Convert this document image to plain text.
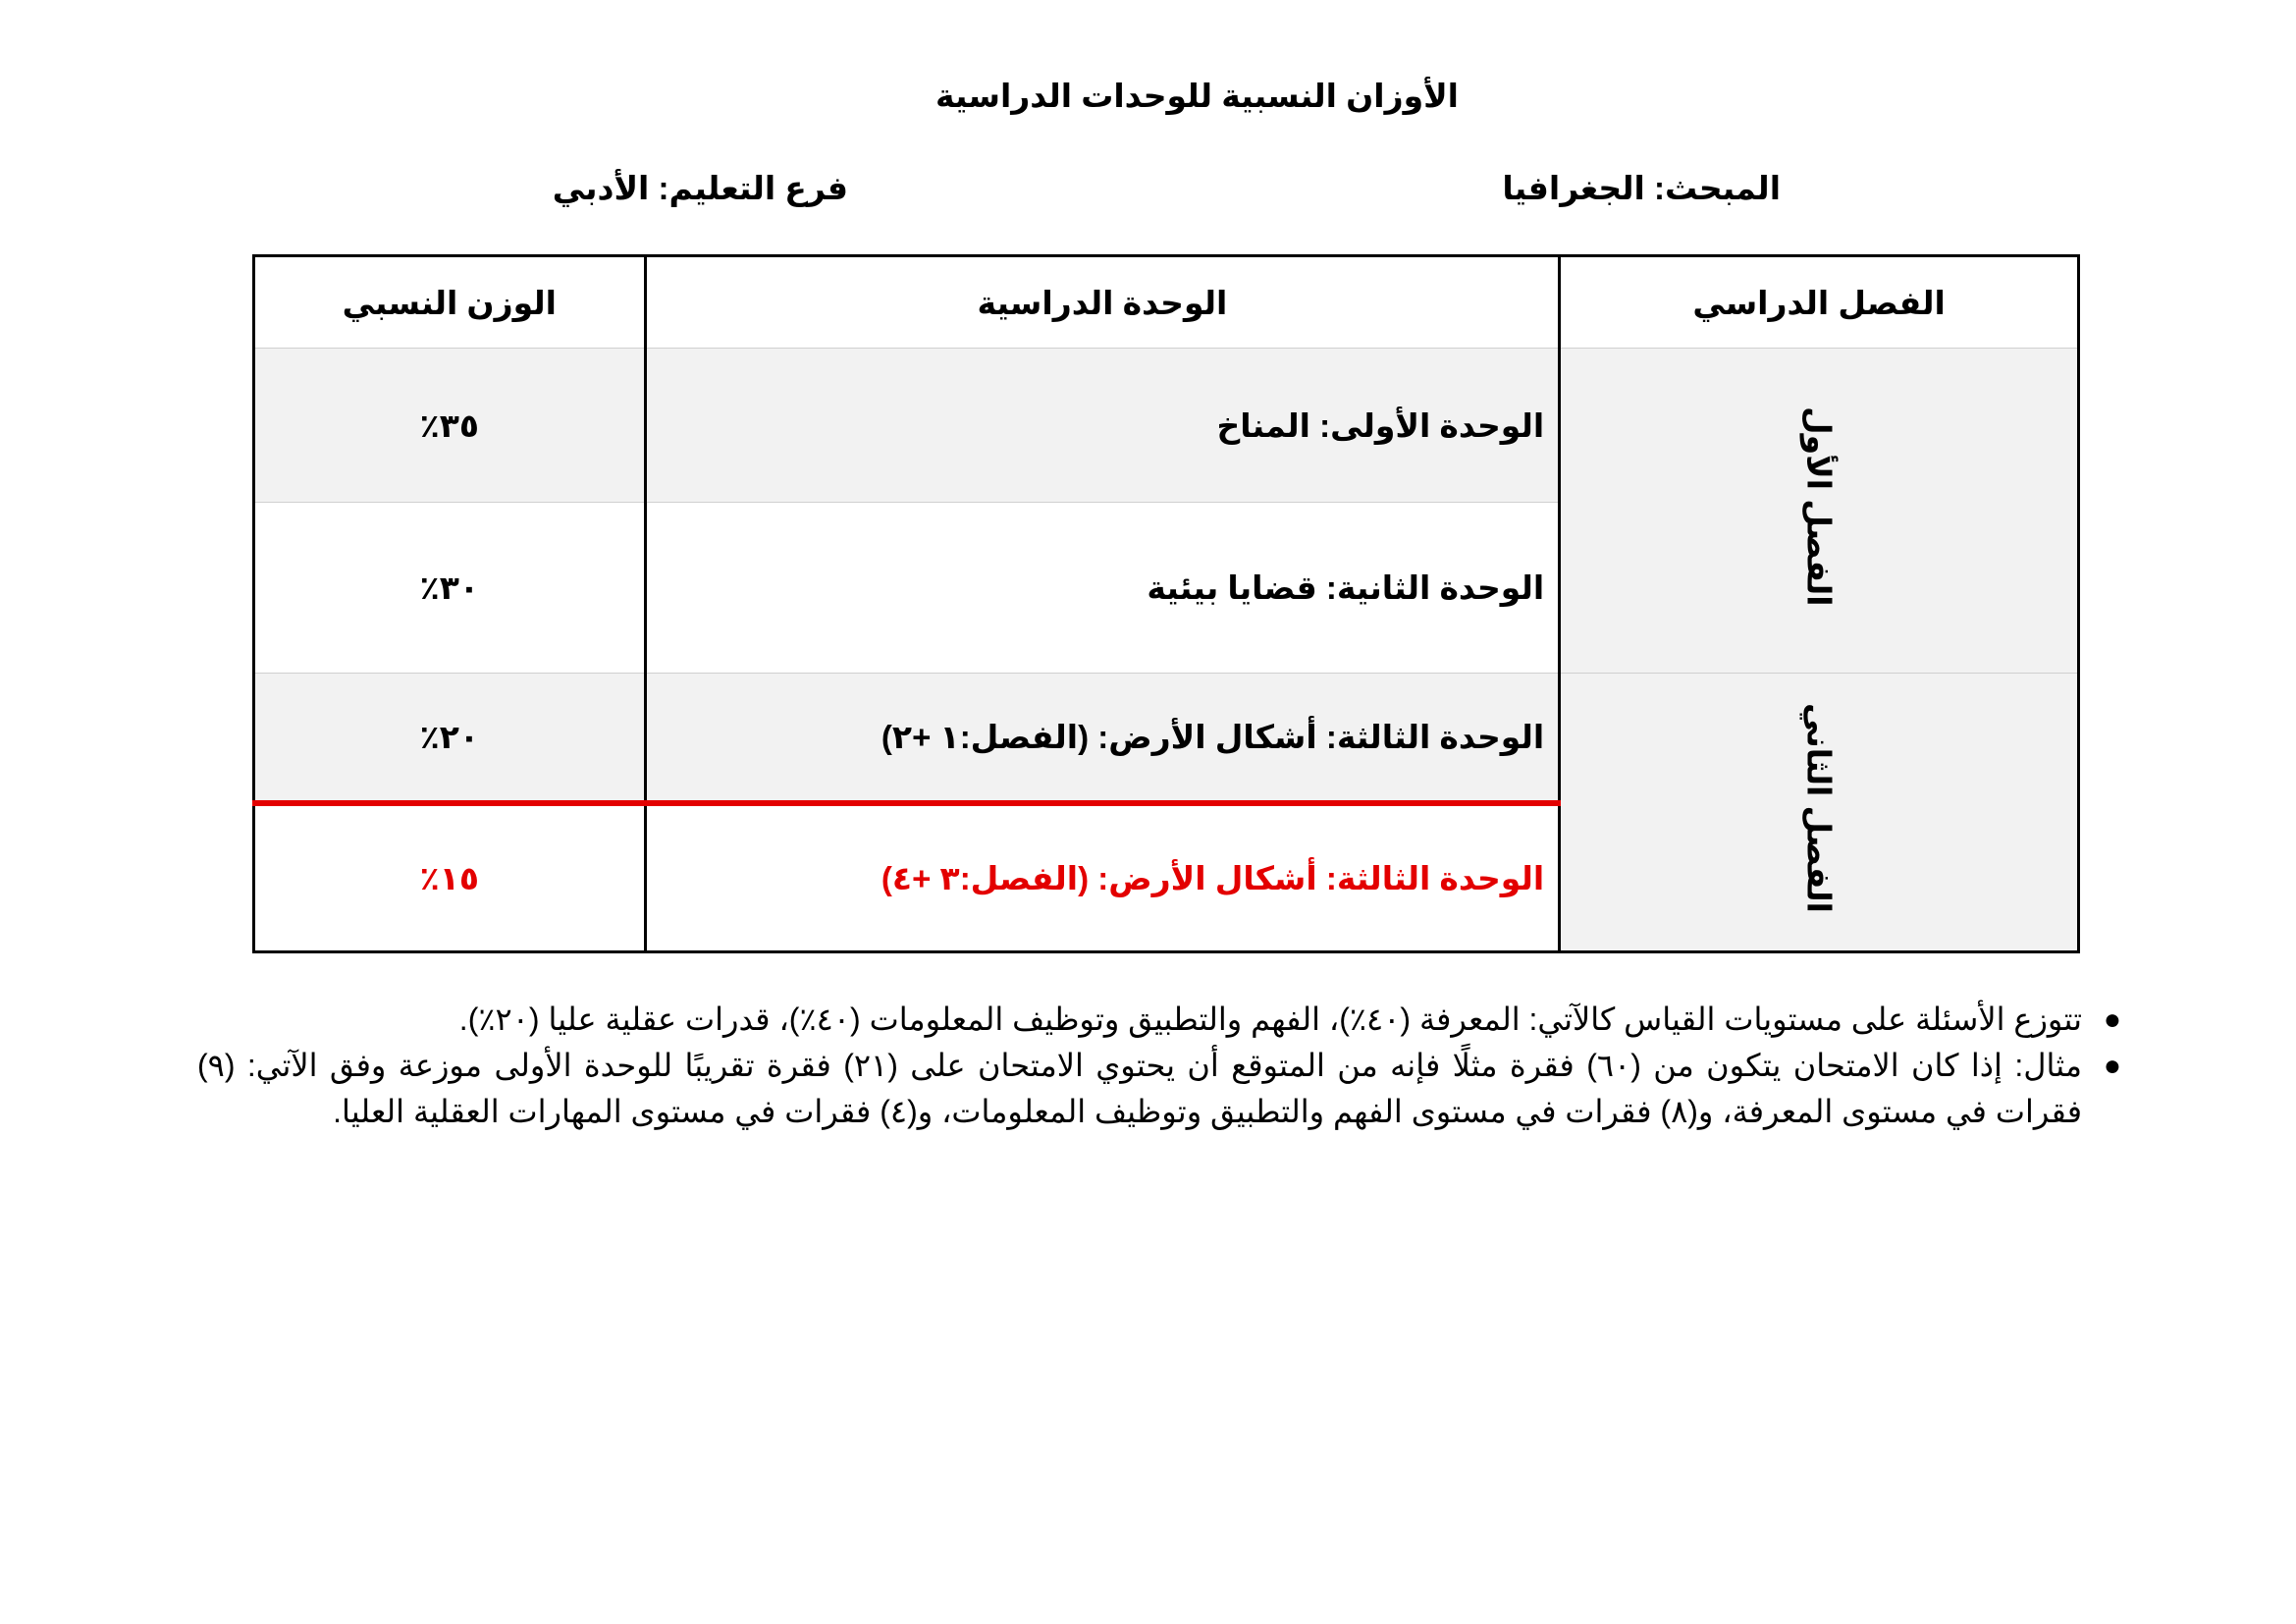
الأوزان النسبية للوحدات الدراسية
المبحث: الجغرافيا
فرع التعليم: الأدبي
الفصل الدراسي	الوحدة الدراسية	الوزن النسبي
الفصل الأول	الوحدة الأولى: المناخ	٣٥٪
	الوحدة الثانية: قضايا بيئية	٣٠٪
الفصل الثاني	الوحدة الثالثة: أشكال الأرض: (الفصل:١ +٢)	٢٠٪
	الوحدة الثالثة: أشكال الأرض: (الفصل:٣ +٤)	١٥٪
●
تتوزع الأسئلة على مستويات القياس كالآتي: المعرفة (٤٠٪)، الفهم والتطبيق وتوظيف المعلومات (٤٠٪)، قدرات عقلية عليا (٢٠٪).
●
مثال: إذا كان الامتحان يتكون من (٦٠) فقرة مثلًا فإنه من المتوقع أن يحتوي الامتحان على (٢١) فقرة تقريبًا للوحدة الأولى موزعة وفق الآتي: (٩) فقرات في مستوى المعرفة، و(٨) فقرات في مستوى الفهم والتطبيق وتوظيف المعلومات، و(٤) فقرات في مستوى المهارات العقلية العليا.
